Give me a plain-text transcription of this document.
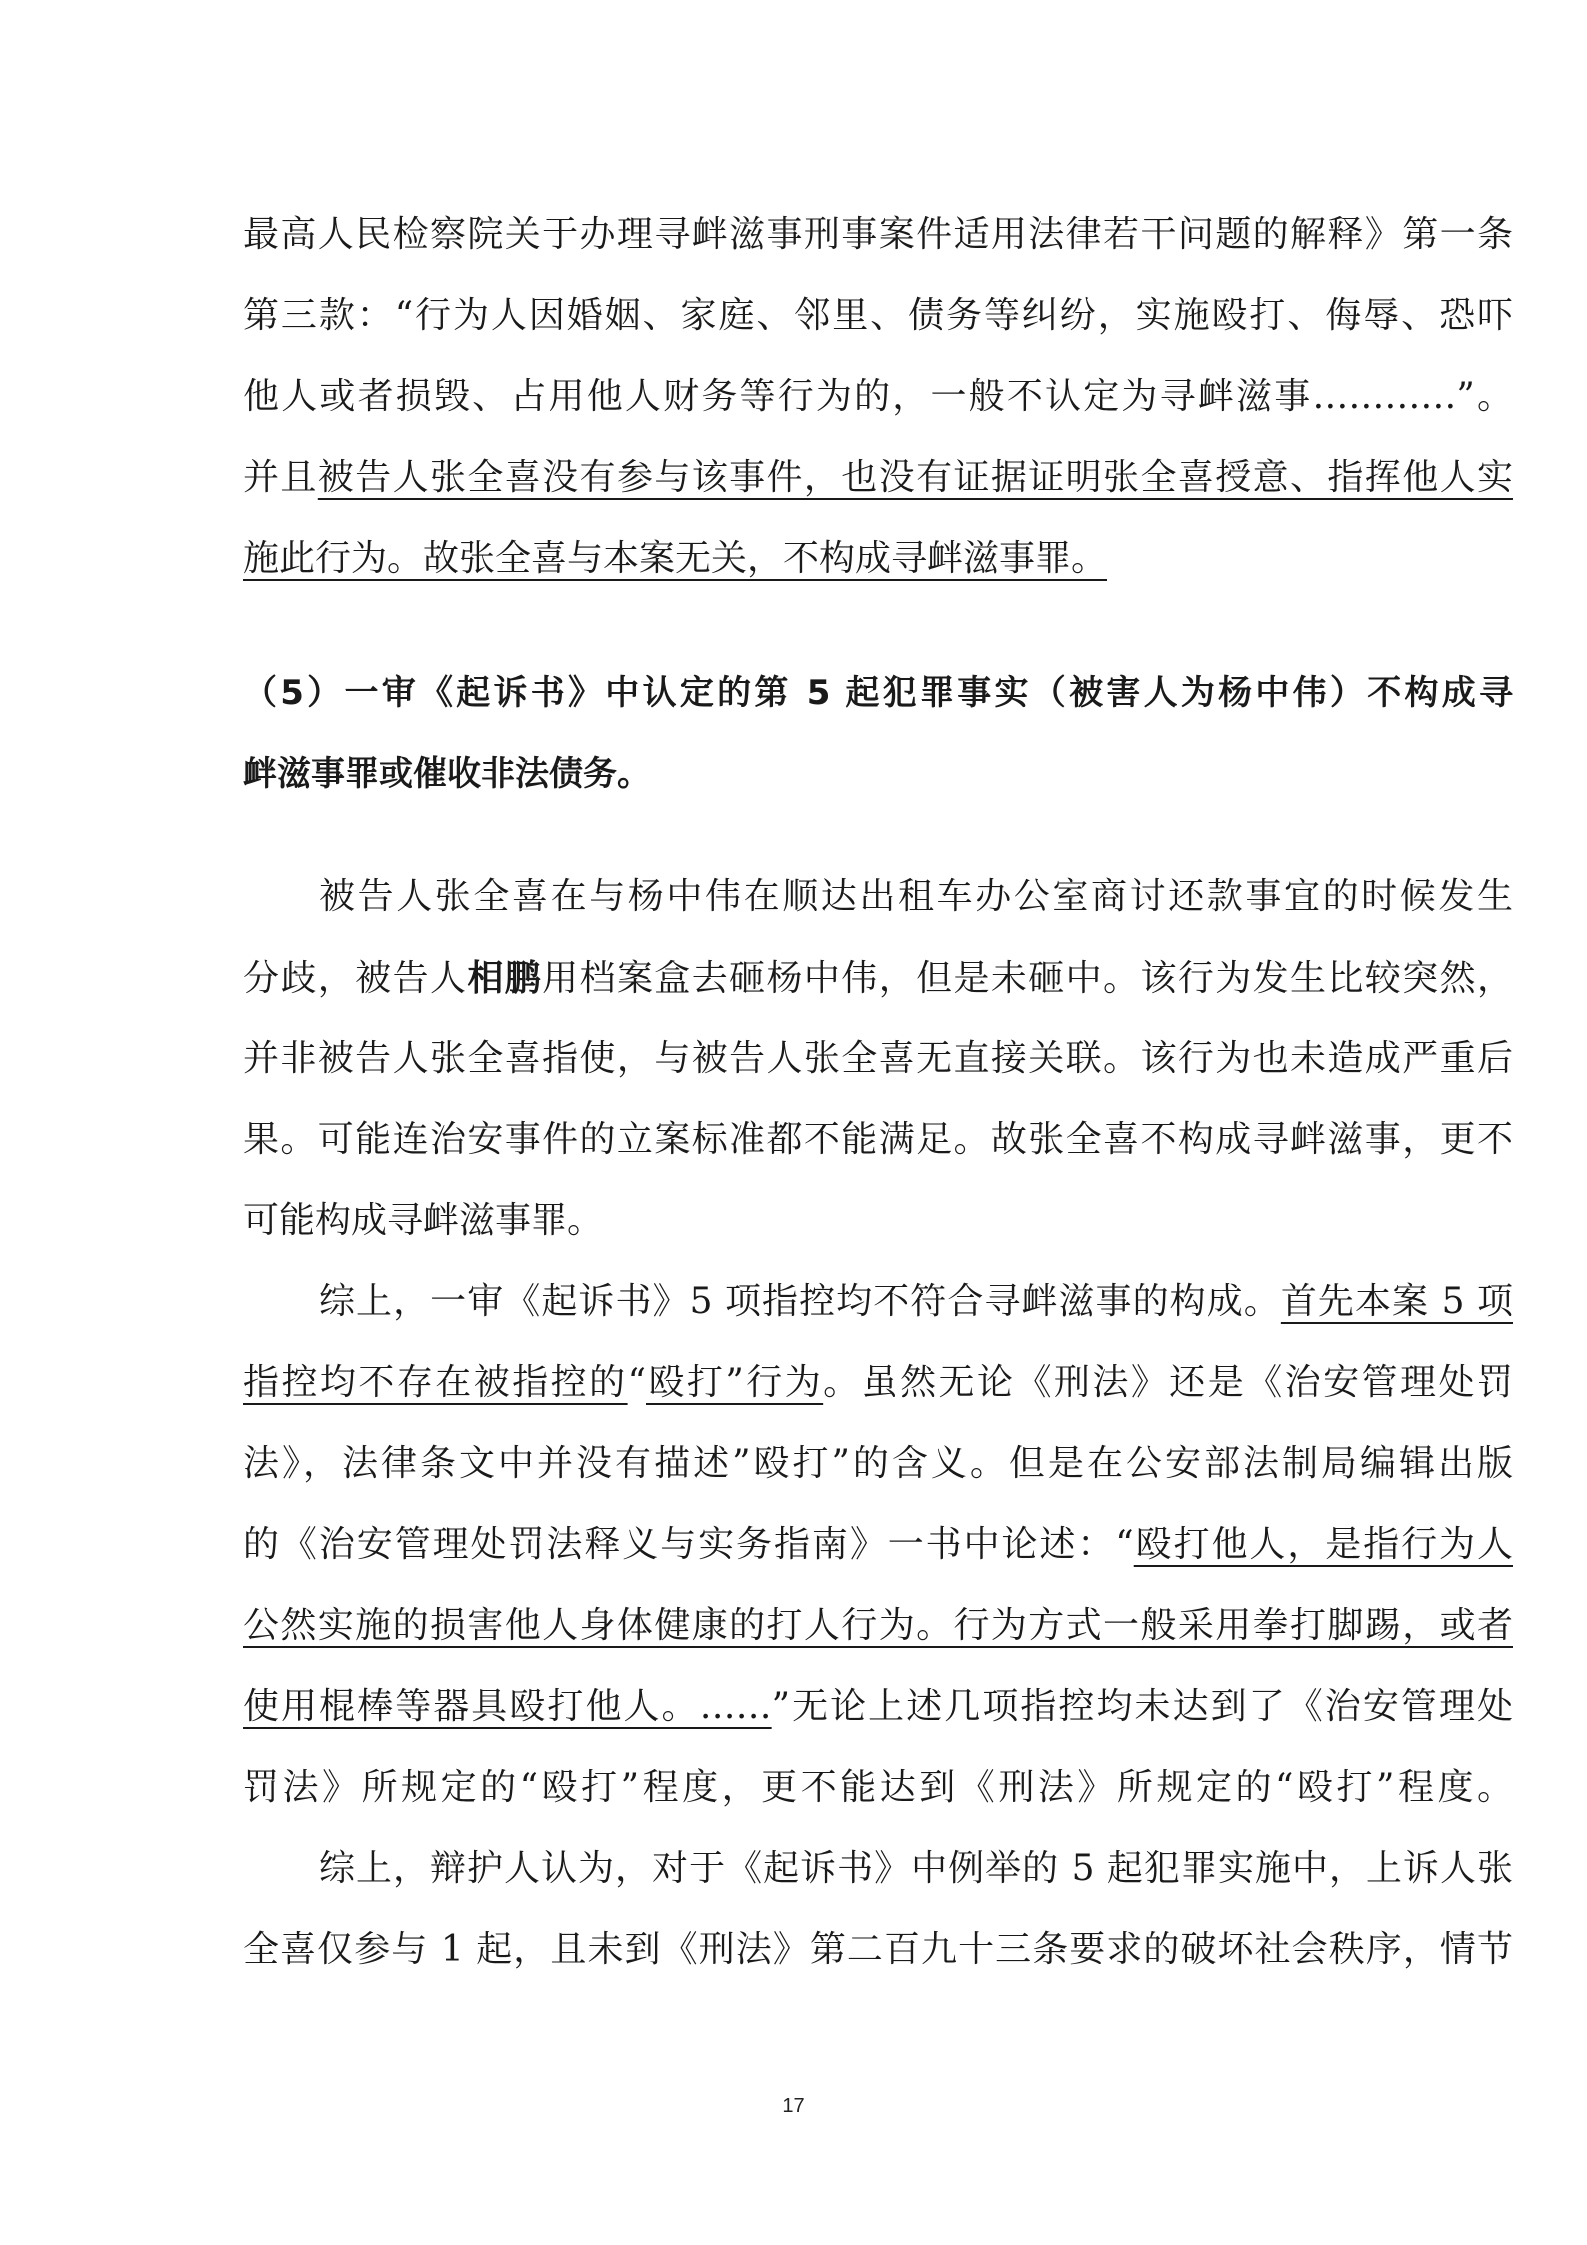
最高人民检察院关于办理寻衅滋事刑事案件适用法律若干问题的解释》第一条
第三款：“行为人因婚姻、家庭、邻里、债务等纠纷，实施殴打、侮辱、恐吓
他人或者损毁、占用他人财务等行为的，一般不认定为寻衅滋事…………”。
并且被告人张全喜没有参与该事件，也没有证据证明张全喜授意、指挥他人实
施此行为。故张全喜与本案无关，不构成寻衅滋事罪。
（5）一审《起诉书》中认定的第 5 起犯罪事实（被害人为杨中伟）不构成寻
衅滋事罪或催收非法债务。
被告人张全喜在与杨中伟在顺达出租车办公室商讨还款事宜的时候发生
分歧，被告人相鹏用档案盒去砸杨中伟，但是未砸中。该行为发生比较突然，
并非被告人张全喜指使，与被告人张全喜无直接关联。该行为也未造成严重后
果。可能连治安事件的立案标准都不能满足。故张全喜不构成寻衅滋事，更不
可能构成寻衅滋事罪。
综上，一审《起诉书》5 项指控均不符合寻衅滋事的构成。首先本案 5 项
指控均不存在被指控的“殴打”行为。虽然无论《刑法》还是《治安管理处罚
法》，法律条文中并没有描述”殴打”的含义。但是在公安部法制局编辑出版
的《治安管理处罚法释义与实务指南》一书中论述：“殴打他人，是指行为人
公然实施的损害他人身体健康的打人行为。行为方式一般采用拳打脚踢，或者
使用棍棒等器具殴打他人。……”无论上述几项指控均未达到了《治安管理处
罚法》所规定的“殴打”程度，更不能达到《刑法》所规定的“殴打”程度。
综上，辩护人认为，对于《起诉书》中例举的 5 起犯罪实施中，上诉人张
全喜仅参与 1 起，且未到《刑法》第二百九十三条要求的破坏社会秩序，情节
17
